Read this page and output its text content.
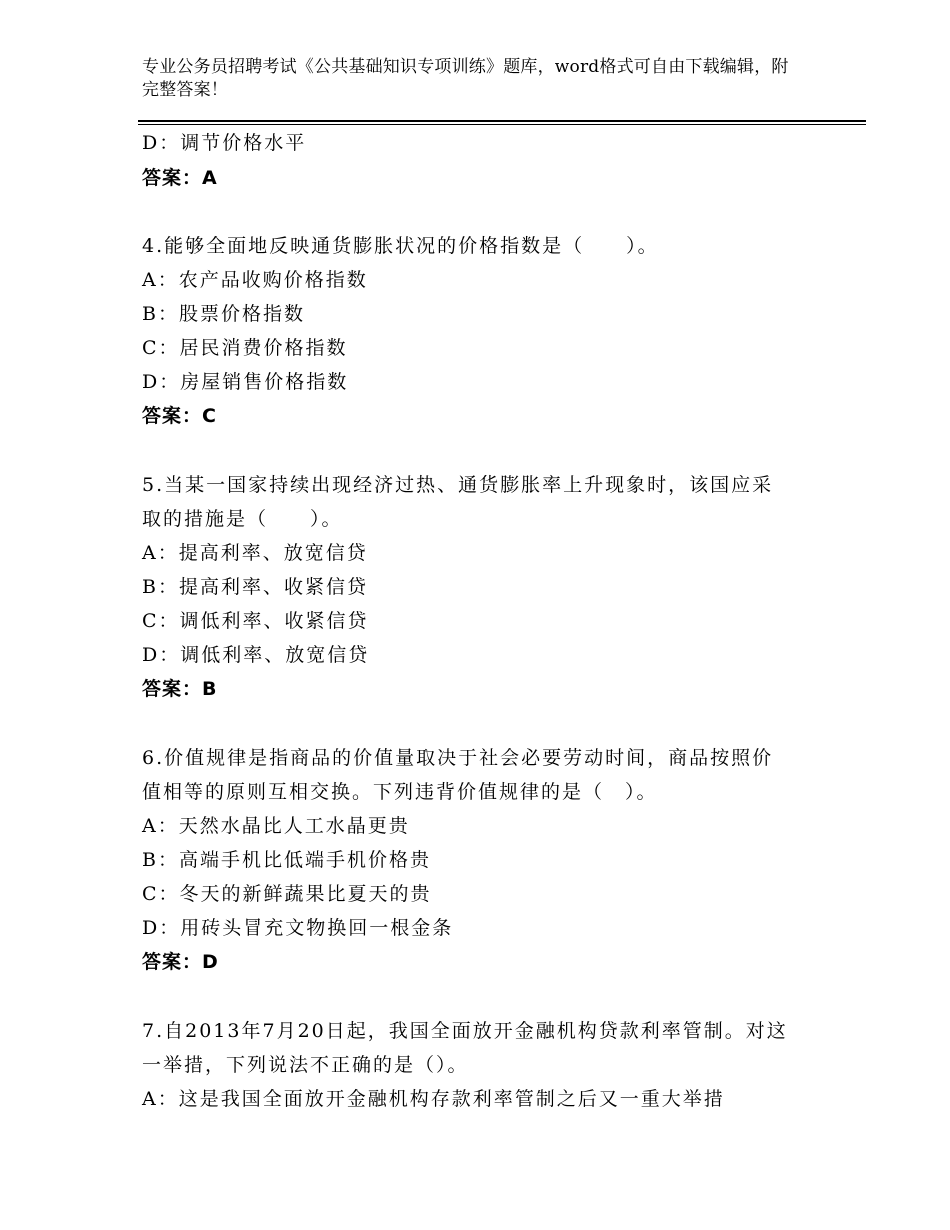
专业公务员招聘考试《公共基础知识专项训练》题库，word格式可自由下载编辑，附完整答案！
D：调节价格水平
答案：A
4.能够全面地反映通货膨胀状况的价格指数是（　　）。
A：农产品收购价格指数
B：股票价格指数
C：居民消费价格指数
D：房屋销售价格指数
答案：C
5.当某一国家持续出现经济过热、通货膨胀率上升现象时，该国应采
取的措施是（　　）。
A：提高利率、放宽信贷
B：提高利率、收紧信贷
C：调低利率、收紧信贷
D：调低利率、放宽信贷
答案：B
6.价值规律是指商品的价值量取决于社会必要劳动时间，商品按照价
值相等的原则互相交换。下列违背价值规律的是（　）。
A：天然水晶比人工水晶更贵
B：高端手机比低端手机价格贵
C：冬天的新鲜蔬果比夏天的贵
D：用砖头冒充文物换回一根金条
答案：D
7.自2013年7月20日起，我国全面放开金融机构贷款利率管制。对这
一举措，下列说法不正确的是（）。
A：这是我国全面放开金融机构存款利率管制之后又一重大举措
